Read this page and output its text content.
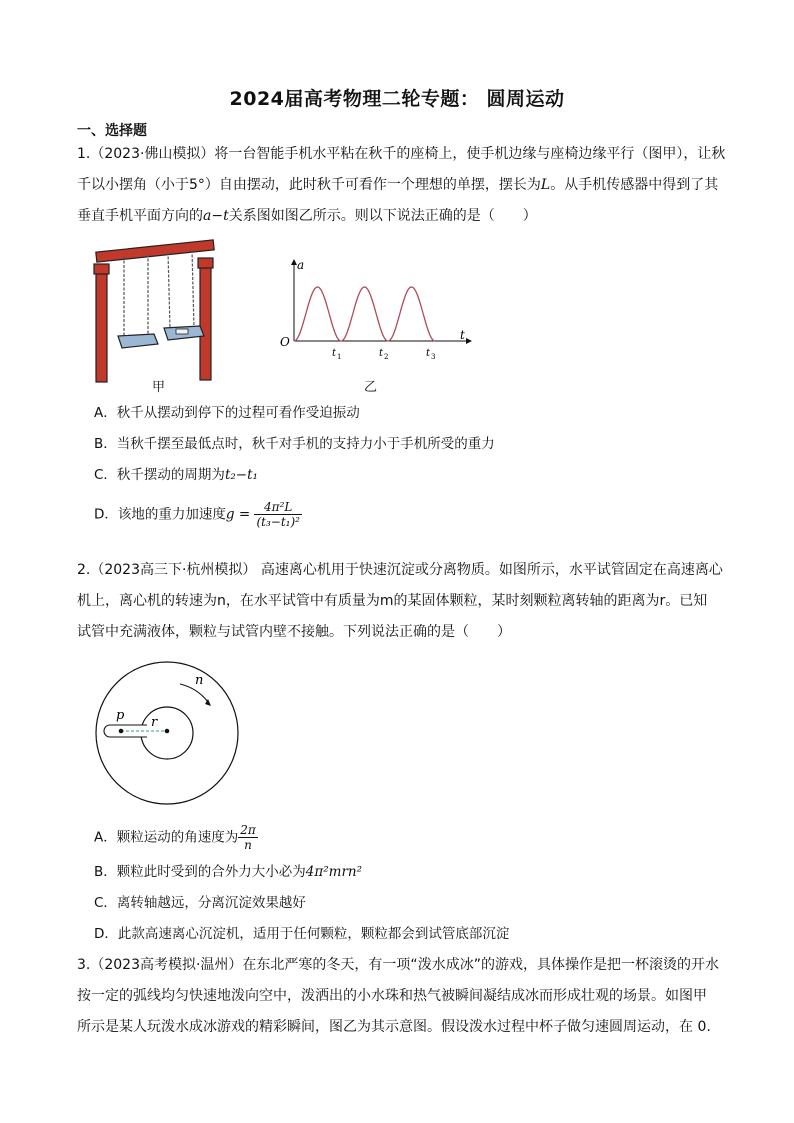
2024届高考物理二轮专题： 圆周运动
一、选择题
1.（2023·佛山模拟）将一台智能手机水平粘在秋千的座椅上，使手机边缘与座椅边缘平行（图甲），让秋
千以小摆角（小于5°）自由摆动，此时秋千可看作一个理想的单摆，摆长为L。从手机传感器中得到了其
垂直手机平面方向的a−t关系图如图乙所示。则以下说法正确的是（　　）
甲
a
t
O
t 1	t 2	t 3
乙
A．秋千从摆动到停下的过程可看作受迫振动
B．当秋千摆至最低点时，秋千对手机的支持力小于手机所受的重力
C．秋千摆动的周期为t₂−t₁
D．该地的重力加速度$g = \frac{\text{4π²L}}{\text{(t₃−t₁)²}}$
2.（2023高三下·杭州模拟） 高速离心机用于快速沉淀或分离物质。如图所示，水平试管固定在高速离心
机上，离心机的转速为n，在水平试管中有质量为m的某固体颗粒，某时刻颗粒离转轴的距离为r。已知
试管中充满液体，颗粒与试管内壁不接触。下列说法正确的是（　　）
p r
n
A．颗粒运动的角速度为 $\frac{2\pi}{n}$
B．颗粒此时受到的合外力大小必为4π²mrn²
C．离转轴越远，分离沉淀效果越好
D．此款高速离心沉淀机，适用于任何颗粒，颗粒都会到试管底部沉淀
3.（2023高考模拟·温州）在东北严寒的冬天，有一项“泼水成冰”的游戏，具体操作是把一杯滚烫的开水
按一定的弧线均匀快速地泼向空中，泼洒出的小水珠和热气被瞬间凝结成冰而形成壮观的场景。如图甲
所示是某人玩泼水成冰游戏的精彩瞬间，图乙为其示意图。假设泼水过程中杯子做匀速圆周运动，在 0.
